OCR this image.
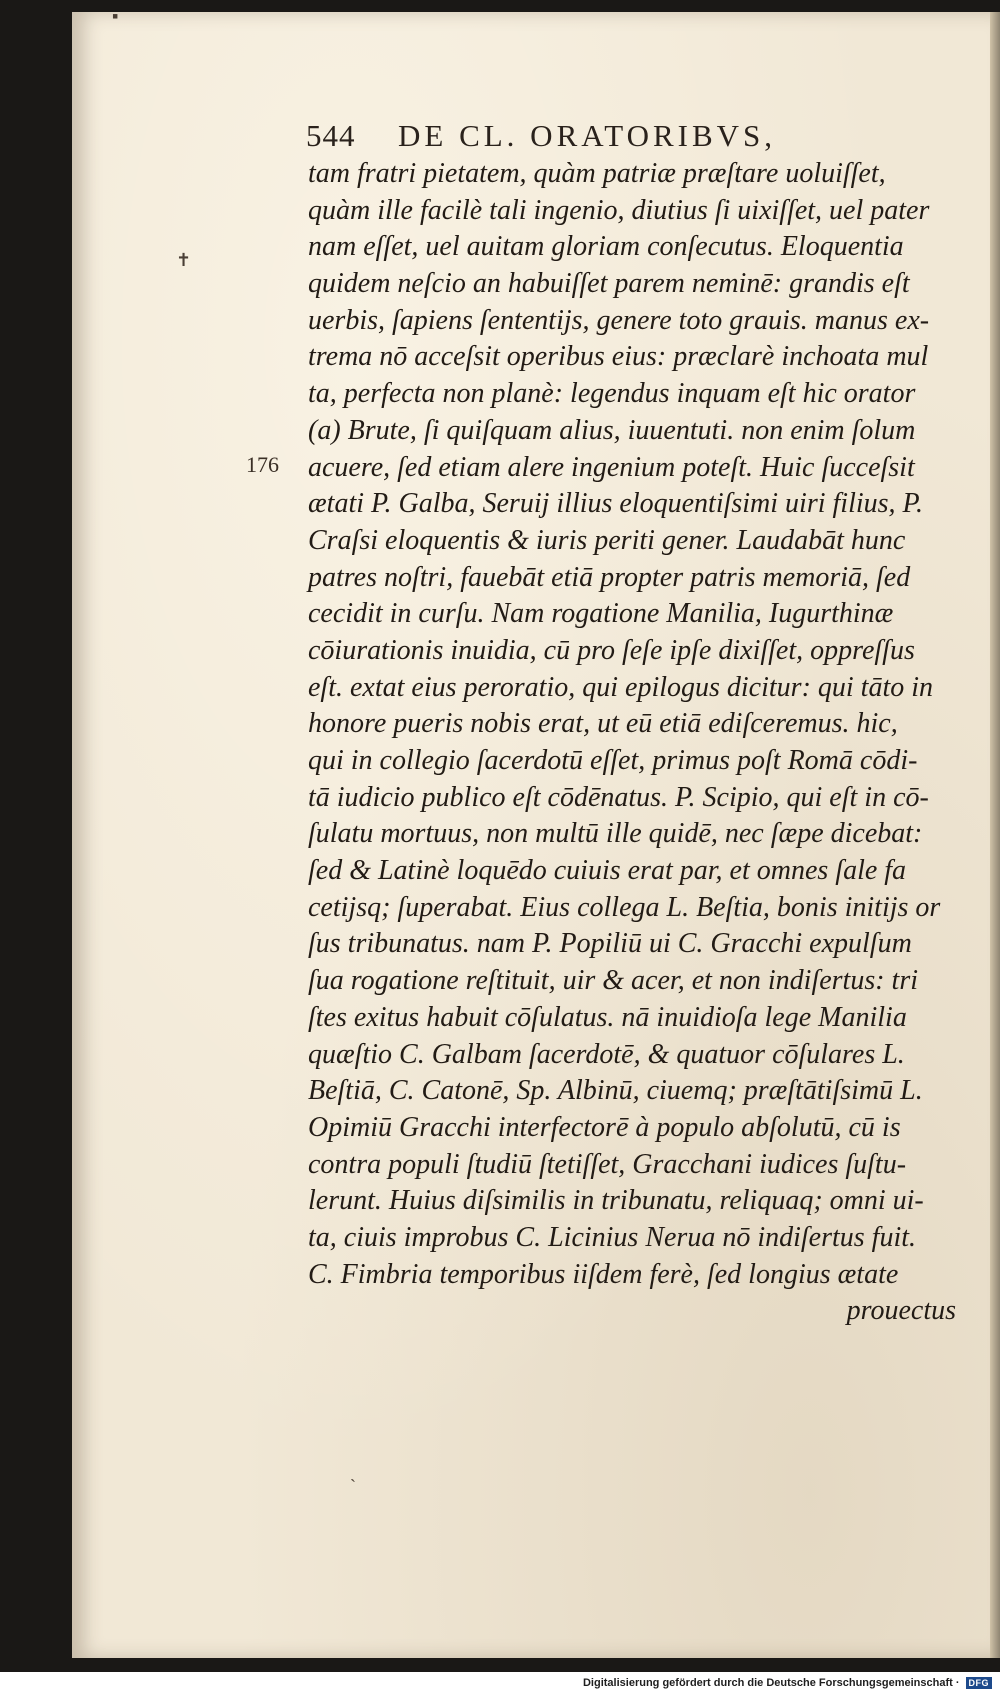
▪
✝
544	DE CL. ORATORIBVS,
176
tam fratri pietatem, quàm patriæ præſtare uoluiſſet,
quàm ille facilè tali ingenio, diutius ſi uixiſſet, uel pater
nam eſſet, uel auitam gloriam conſecutus. Eloquentia
quidem neſcio an habuiſſet parem neminē: grandis eſt
uerbis, ſapiens ſententijs, genere toto grauis. manus ex-
trema nō acceſsit operibus eius: præclarè inchoata mul
ta, perfecta non planè: legendus inquam eſt hic orator
(a) Brute, ſi quiſquam alius, iuuentuti. non enim ſolum
acuere, ſed etiam alere ingenium poteſt. Huic ſucceſsit
ætati P. Galba, Seruij illius eloquentiſsimi uiri filius, P.
Craſsi eloquentis & iuris periti gener. Laudabāt hunc
patres noſtri, fauebāt etiā propter patris memoriā, ſed
cecidit in curſu. Nam rogatione Manilia, Iugurthinæ
cōiurationis inuidia, cū pro ſeſe ipſe dixiſſet, oppreſſus
eſt. extat eius peroratio, qui epilogus dicitur: qui tāto in
honore pueris nobis erat, ut eū etiā ediſceremus. hic,
qui in collegio ſacerdotū eſſet, primus poſt Romā cōdi-
tā iudicio publico eſt cōdēnatus. P. Scipio, qui eſt in cō-
ſulatu mortuus, non multū ille quidē, nec ſæpe dicebat:
ſed & Latinè loquēdo cuiuis erat par, et omnes ſale fa
cetijsq; ſuperabat. Eius collega L. Beſtia, bonis initijs or
ſus tribunatus. nam P. Popiliū ui C. Gracchi expulſum
ſua rogatione reſtituit, uir & acer, et non indiſertus: tri
ſtes exitus habuit cōſulatus. nā inuidioſa lege Manilia
quæſtio C. Galbam ſacerdotē, & quatuor cōſulares L.
Beſtiā, C. Catonē, Sp. Albinū, ciuemq; præſtātiſsimū L.
Opimiū Gracchi interfectorē à populo abſolutū, cū is
contra populi ſtudiū ſtetiſſet, Gracchani iudices ſuſtu-
lerunt. Huius diſsimilis in tribunatu, reliquaq; omni ui-
ta, ciuis improbus C. Licinius Nerua nō indiſertus fuit.
C. Fimbria temporibus iiſdem ferè, ſed longius ætate
prouectus
ˎ
Digitalisierung gefördert durch die Deutsche Forschungsgemeinschaft ·	DFG
